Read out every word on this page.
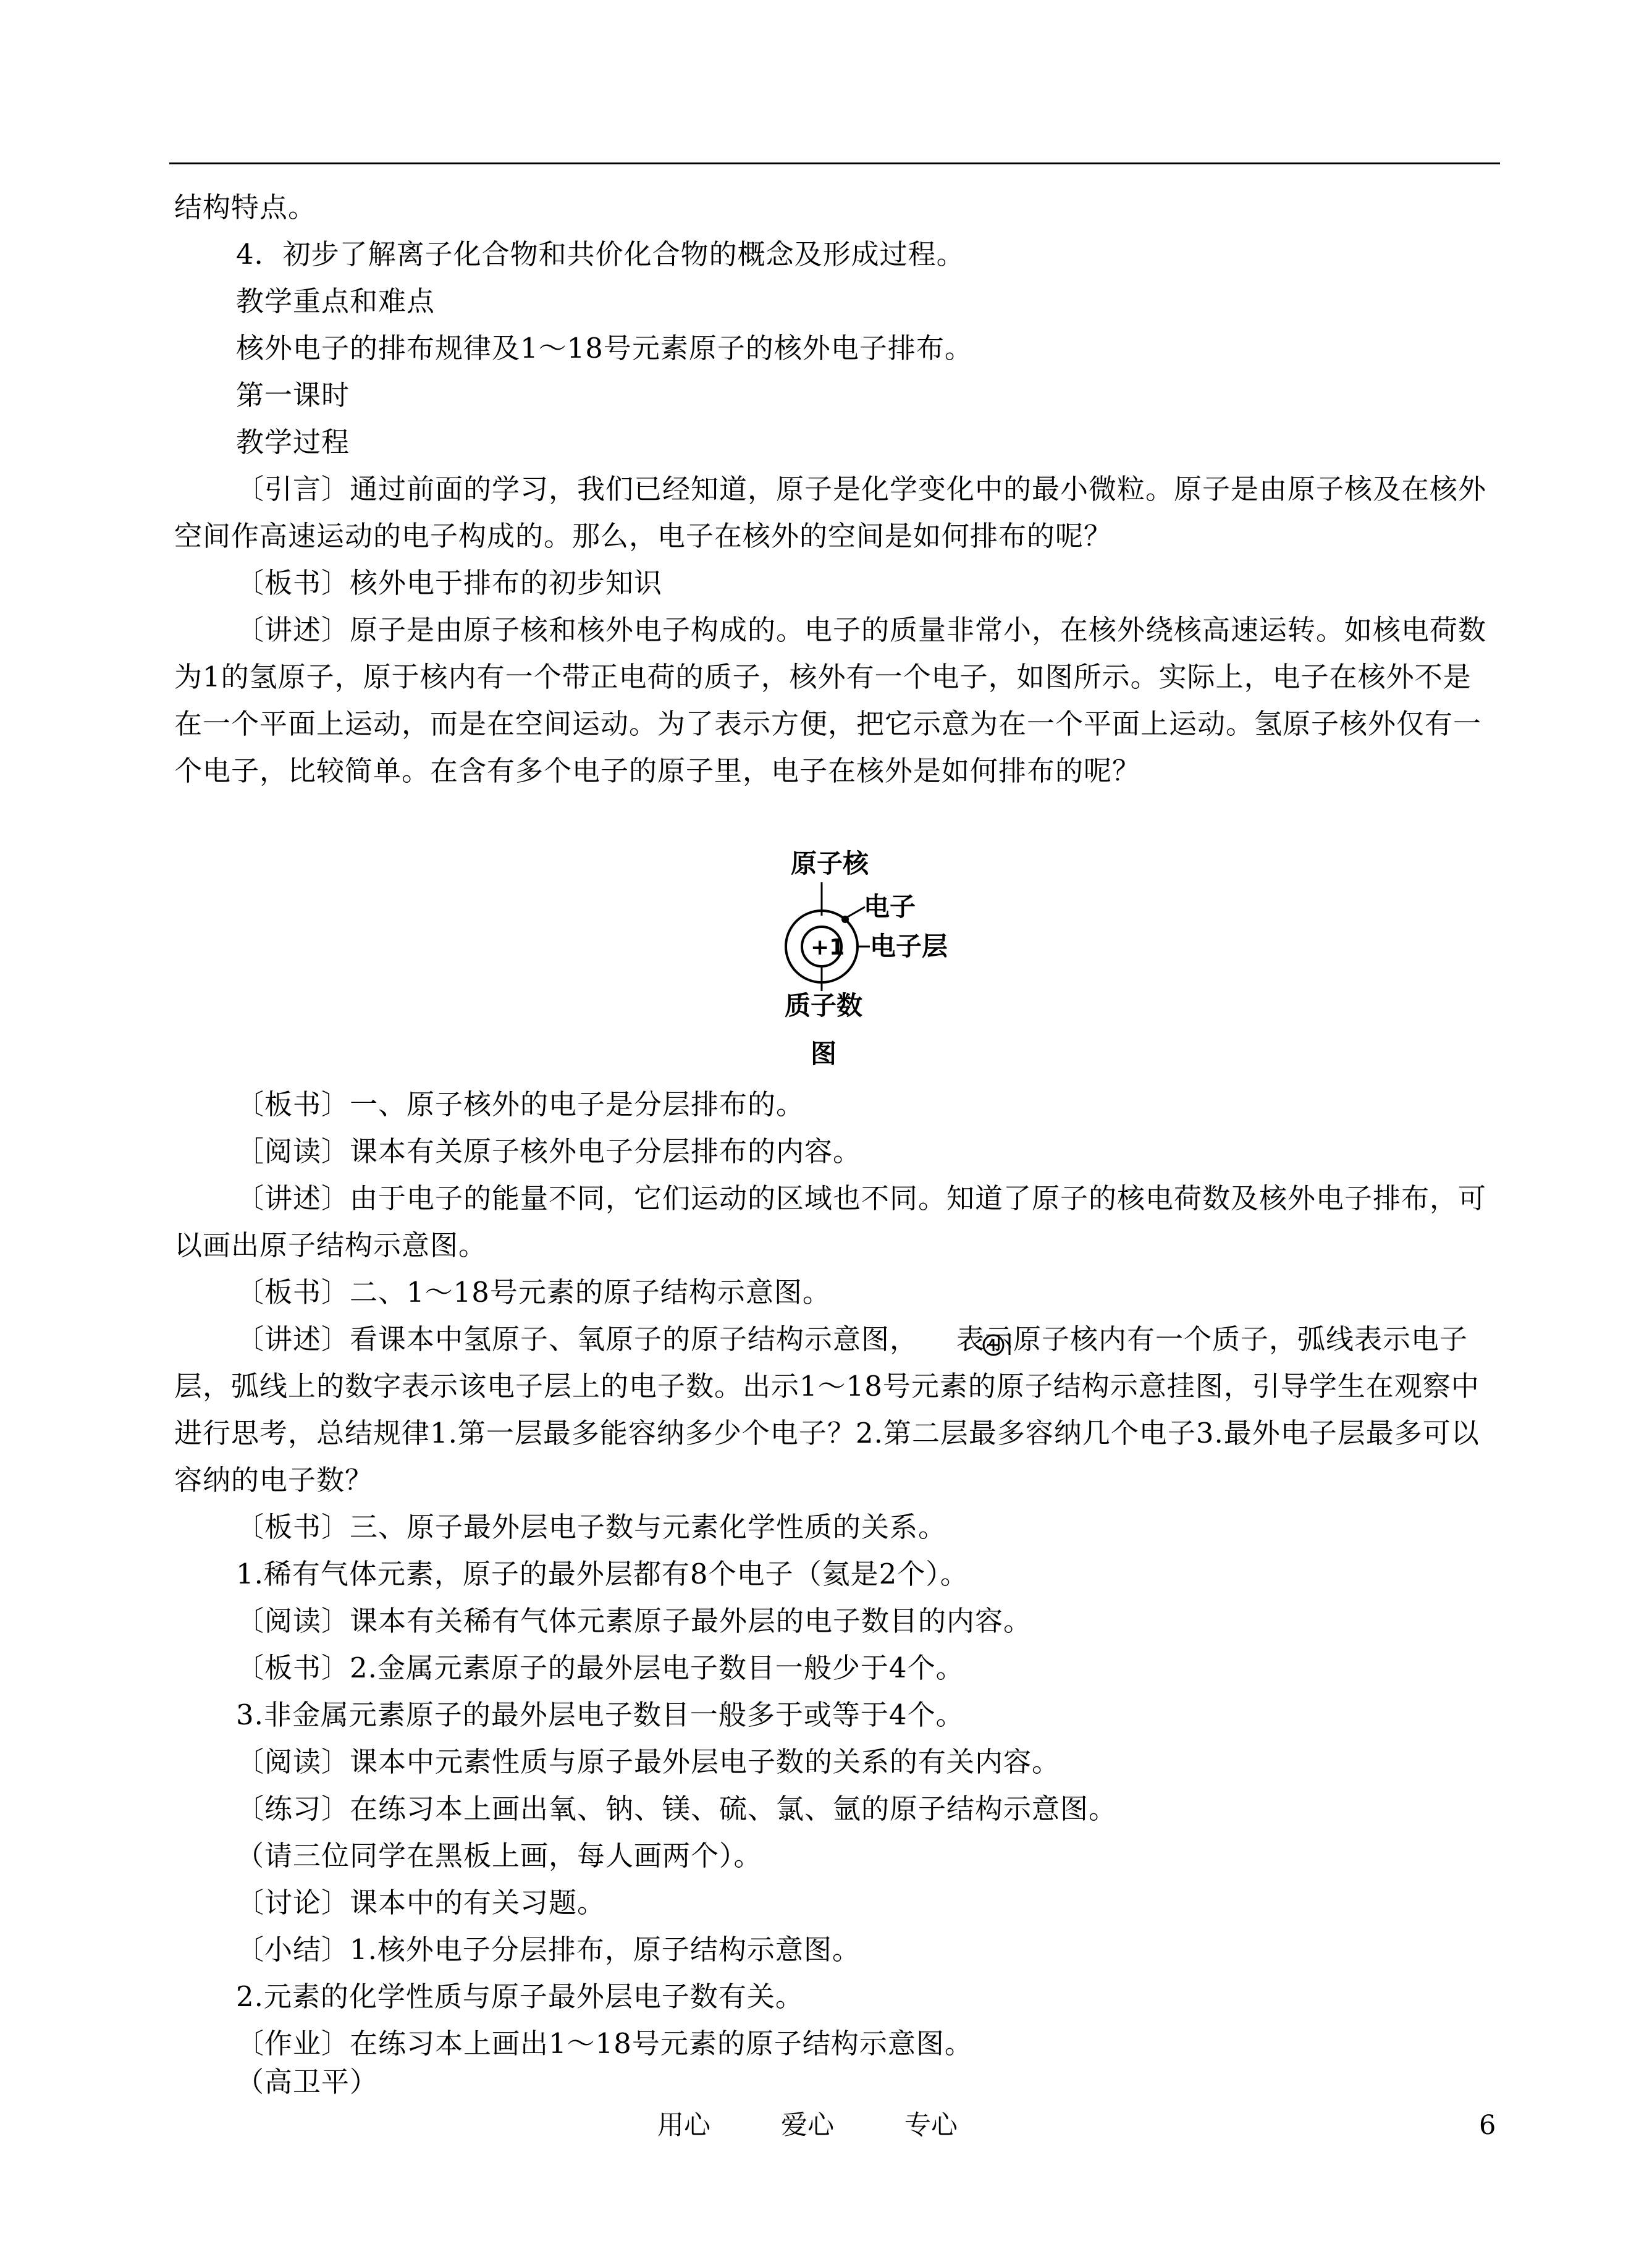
结构特点。
4．初步了解离子化合物和共价化合物的概念及形成过程。
教学重点和难点
核外电子的排布规律及1～18号元素原子的核外电子排布。
第一课时
教学过程
〔引言〕通过前面的学习，我们已经知道，原子是化学变化中的最小微粒。原子是由原子核及在核外空间作高速运动的电子构成的。那么，电子在核外的空间是如何排布的呢？
〔板书〕核外电于排布的初步知识
〔讲述〕原子是由原子核和核外电子构成的。电子的质量非常小，在核外绕核高速运转。如核电荷数为1的氢原子，原于核内有一个带正电荷的质子，核外有一个电子，如图所示。实际上，电子在核外不是在一个平面上运动，而是在空间运动。为了表示方便，把它示意为在一个平面上运动。氢原子核外仅有一个电子，比较简单。在含有多个电子的原子里，电子在核外是如何排布的呢？
原子核
电子
电子层
+1
质子数
图
〔板书〕一、原子核外的电子是分层排布的。
［阅读〕课本有关原子核外电子分层排布的内容。
〔讲述〕由于电子的能量不同，它们运动的区域也不同。知道了原子的核电荷数及核外电子排布，可以画出原子结构示意图。
〔板书〕二、1～18号元素的原子结构示意图。
〔讲述〕看课本中氢原子、氧原子的原子结构示意图， 表示原子核内有一个质子，弧线表示电子层，弧线上的数字表示该电子层上的电子数。出示1～18号元素的原子结构示意挂图，引导学生在观察中进行思考，总结规律1.第一层最多能容纳多少个电子？2.第二层最多容纳几个电子3.最外电子层最多可以容纳的电子数？
〔板书〕三、原子最外层电子数与元素化学性质的关系。
1.稀有气体元素，原子的最外层都有8个电子（氦是2个）。
〔阅读〕课本有关稀有气体元素原子最外层的电子数目的内容。
〔板书〕2.金属元素原子的最外层电子数目一般少于4个。
3.非金属元素原子的最外层电子数目一般多于或等于4个。
〔阅读〕课本中元素性质与原子最外层电子数的关系的有关内容。
〔练习〕在练习本上画出氧、钠、镁、硫、氯、氩的原子结构示意图。
（请三位同学在黑板上画，每人画两个）。
〔讨论〕课本中的有关习题。
〔小结〕1.核外电子分层排布，原子结构示意图。
2.元素的化学性质与原子最外层电子数有关。
〔作业〕在练习本上画出1～18号元素的原子结构示意图。
（高卫平）
用心	爱心	专心	6
